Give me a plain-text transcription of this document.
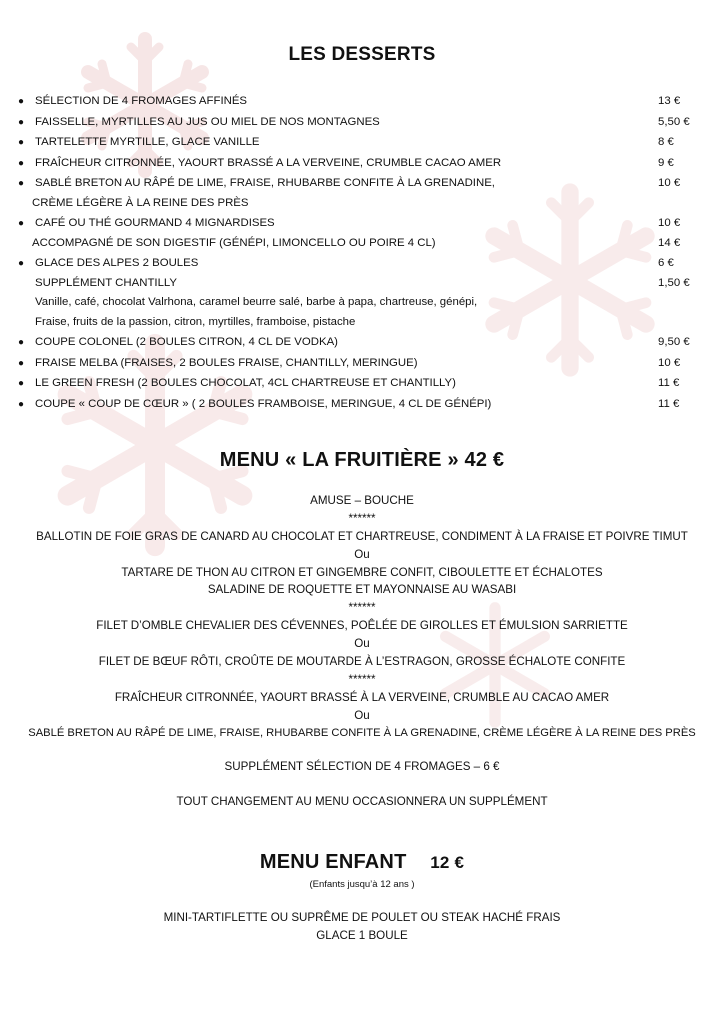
LES DESSERTS
● SÉLECTION DE 4 FROMAGES AFFINÉS	13 €
● FAISSELLE, MYRTILLES AU JUS OU MIEL DE NOS MONTAGNES	5,50 €
● TARTELETTE MYRTILLE, GLACE VANILLE	8 €
● FRAÎCHEUR CITRONNÉE, YAOURT BRASSÉ A LA VERVEINE, CRUMBLE CACAO AMER	9 €
● SABLÉ BRETON AU RÂPÉ DE LIME, FRAISE, RHUBARBE CONFITE À LA GRENADINE,	10 €
CRÈME LÉGÈRE À LA REINE DES PRÈS
● CAFÉ OU THÉ GOURMAND 4 MIGNARDISES	10 €
ACCOMPAGNÉ DE SON DIGESTIF (GÉNÉPI, LIMONCELLO OU POIRE 4 CL)	14 €
● GLACE DES ALPES 2 BOULES	6 €
SUPPLÉMENT CHANTILLY	1,50 €
Vanille, café, chocolat Valrhona, caramel beurre salé, barbe à papa, chartreuse, génépi,
Fraise, fruits de la passion, citron, myrtilles, framboise, pistache
● COUPE COLONEL (2 BOULES CITRON, 4 CL DE VODKA)	9,50 €
● FRAISE MELBA (FRAISES, 2 BOULES FRAISE, CHANTILLY, MERINGUE)	10 €
● LE GREEN FRESH (2 BOULES CHOCOLAT, 4CL CHARTREUSE ET CHANTILLY)	11 €
● COUPE « COUP DE CŒUR » ( 2 BOULES FRAMBOISE, MERINGUE, 4 CL DE GÉNÉPI)	11 €
MENU « LA FRUITIÈRE » 42 €
AMUSE – BOUCHE
******
BALLOTIN DE FOIE GRAS DE CANARD AU CHOCOLAT ET CHARTREUSE, CONDIMENT À LA FRAISE ET POIVRE TIMUT
Ou
TARTARE DE THON AU CITRON ET GINGEMBRE CONFIT, CIBOULETTE ET ÉCHALOTES
SALADINE DE ROQUETTE ET MAYONNAISE AU WASABI
******
FILET D’OMBLE CHEVALIER DES CÉVENNES, POÊLÉE DE GIROLLES ET ÉMULSION SARRIETTE
Ou
FILET DE BŒUF RÔTI, CROÛTE DE MOUTARDE À L’ESTRAGON, GROSSE ÉCHALOTE CONFITE
******
FRAÎCHEUR CITRONNÉE, YAOURT BRASSÉ À LA VERVEINE, CRUMBLE AU CACAO AMER
Ou
SABLÉ BRETON AU RÂPÉ DE LIME, FRAISE, RHUBARBE CONFITE À LA GRENADINE, CRÈME LÉGÈRE À LA REINE DES PRÈS
SUPPLÉMENT SÉLECTION DE 4 FROMAGES – 6 €
TOUT CHANGEMENT AU MENU OCCASIONNERA UN SUPPLÉMENT
MENU ENFANT 12 €
(Enfants jusqu’à 12 ans )
MINI-TARTIFLETTE OU SUPRÊME DE POULET OU STEAK HACHÉ FRAIS
GLACE 1 BOULE
